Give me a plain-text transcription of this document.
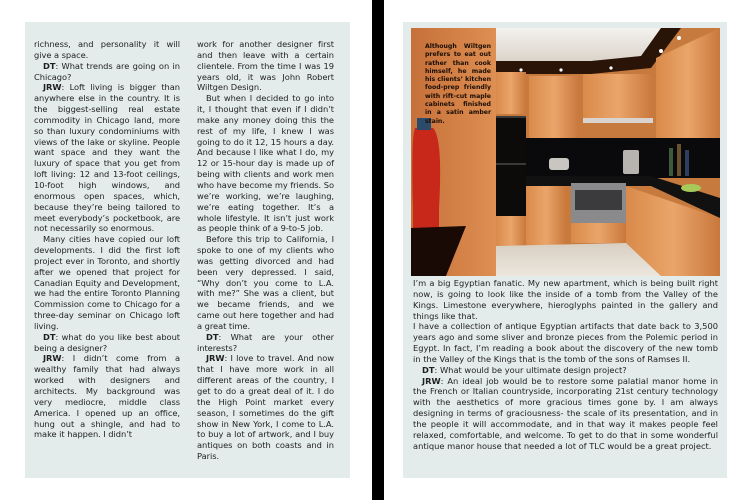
richness, and personality it will give a space.

DT: What trends are going on in Chicago?

JRW: Loft living is bigger than anywhere else in the country. It is the biggest-selling real estate commodity in Chicago land, more so than luxury condominiums with views of the lake or skyline. People want space and they want the luxury of space that you get from loft living: 12 and 13-foot ceilings, 10-foot high windows, and enormous open spaces, which, because they’re being tailored to meet everybody’s pocketbook, are not necessarily so enormous.

Many cities have copied our loft developments. I did the first loft project ever in Toronto, and shortly after we opened that project for Canadian Equity and Development, we had the entire Toronto Planning Commission come to Chicago for a three-day seminar on Chicago loft living.

DT: what do you like best about being a designer?

JRW: I didn’t come from a wealthy family that had always worked with designers and architects. My background was very mediocre, middle class America. I opened up an office, hung out a shingle, and had to make it happen. I didn’t

work for another designer first and then leave with a certain clientele. From the time I was 19 years old, it was John Robert Wiltgen Design.

But when I decided to go into it, I thought that even if I didn’t make any money doing this the rest of my life, I knew I was going to do it 12, 15 hours a day. And because I like what I do, my 12 or 15-hour day is made up of being with clients and work men who have become my friends. So we’re working, we’re laughing, we’re eating together. It’s a whole lifestyle. It isn’t just work as people think of a 9-to-5 job.

Before this trip to California, I spoke to one of my clients who was getting divorced and had been very depressed. I said, “Why don’t you come to L.A. with me?” She was a client, but we became friends, and we came out here together and had a great time.

DT: What are your other interests?

JRW: I love to travel. And now that I have more work in all different areas of the country, I get to do a great deal of it. I do the High Point market every season, I sometimes do the gift show in New York, I come to L.A. to buy a lot of artwork, and I buy antiques on both coasts and in Paris.

Although Wiltgen prefers to eat out rather than cook himself, he made his clients’ kitchen food-prep friendly with rift-cut maple cabinets finished in a satin amber stain.

I’m a big Egyptian fanatic. My new apartment, which is being built right now, is going to look like the inside of a tomb from the Valley of the Kings. Limestone everywhere, hieroglyphs painted in the gallery and things like that.

I have a collection of antique Egyptian artifacts that date back to 3,500 years ago and some sliver and bronze pieces from the Polemic period in Egypt. In fact, I’m reading a book about the discovery of the new tomb in the Valley of the Kings that is the tomb of the sons of Ramses II.

DT: What would be your ultimate design project?

JRW: An ideal job would be to restore some palatial manor home in the French or Italian countryside, incorporating 21st century technology with the aesthetics of more gracious times gone by. I am always designing in terms of graciousness- the scale of its presentation, and in the people it will accommodate, and in that way it makes people feel relaxed, comfortable, and welcome. To get to do that in some wonderful antique manor house that needed a lot of TLC would be a great project.
